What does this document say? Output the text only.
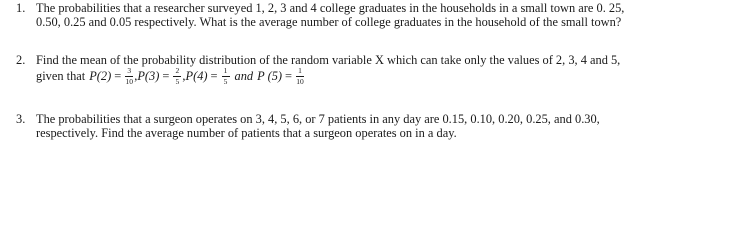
1. The probabilities that a researcher surveyed 1, 2, 3 and 4 college graduates in the households in a small town are 0. 25,
0.50, 0.25 and 0.05 respectively. What is the average number of college graduates in the household of the small town?
2. Find the mean of the probability distribution of the random variable X which can take only the values of 2, 3, 4 and 5,
given that $P(2) = \frac{3}{10}$ , $P(3) = \frac{2}{5}$ , $P(4) = \frac{1}{5}$ and P $(5) = \frac{1}{10}$
3. The probabilities that a surgeon operates on 3, 4, 5, 6, or 7 patients in any day are 0.15, 0.10, 0.20, 0.25, and 0.30,
respectively. Find the average number of patients that a surgeon operates on in a day.
